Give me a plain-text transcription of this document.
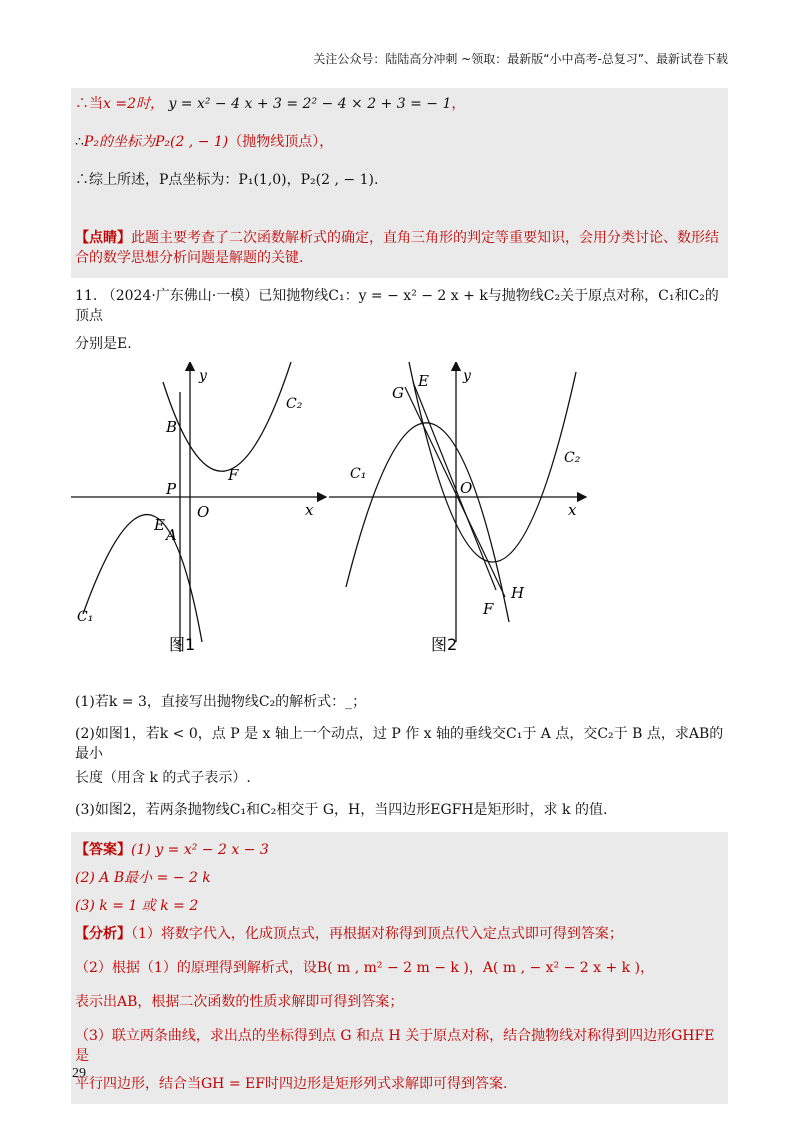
关注公众号：陆陆高分冲刺 ~领取：最新版“小中高考-总复习”、最新试卷下载
∴当x =2时， y = x² − 4 x + 3 = 2² − 4 × 2 + 3 = − 1，
∴P₂的坐标为P₂(2 , − 1)（抛物线顶点），
∴综上所述，P点坐标为：P₁(1,0)，P₂(2 , − 1).
【点睛】此题主要考查了二次函数解析式的确定，直角三角形的判定等重要知识，会用分类讨论、数形结合的数学思想分析问题是解题的关键.
11. （2024·广东佛山·一模）已知抛物线C₁：y = − x² − 2 x + k与抛物线C₂关于原点对称，C₁和C₂的顶点
分别是E.
y
x
O
B
P
E
A
F
C₁
C₂
图1
y
x
O
G
E
F
H
C₁
C₂
图2
(1)若k = 3，直接写出抛物线C₂的解析式：_；
(2)如图1，若k < 0，点 P 是 x 轴上一个动点，过 P 作 x 轴的垂线交C₁于 A 点，交C₂于 B 点，求AB的最小
长度（用含 k 的式子表示）.
(3)如图2，若两条抛物线C₁和C₂相交于 G，H，当四边形EGFH是矩形时，求 k 的值.
【答案】(1) y = x² − 2 x − 3
(2) A B最小 = − 2 k
(3) k = 1 或 k = 2
【分析】（1）将数字代入，化成顶点式，再根据对称得到顶点代入定点式即可得到答案；
（2）根据（1）的原理得到解析式，设B( m , m² − 2 m − k )，A( m , − x² − 2 x + k )，
表示出AB，根据二次函数的性质求解即可得到答案；
（3）联立两条曲线，求出点的坐标得到点 G 和点 H 关于原点对称，结合抛物线对称得到四边形GHFE是
平行四边形，结合当GH = EF时四边形是矩形列式求解即可得到答案.
29
